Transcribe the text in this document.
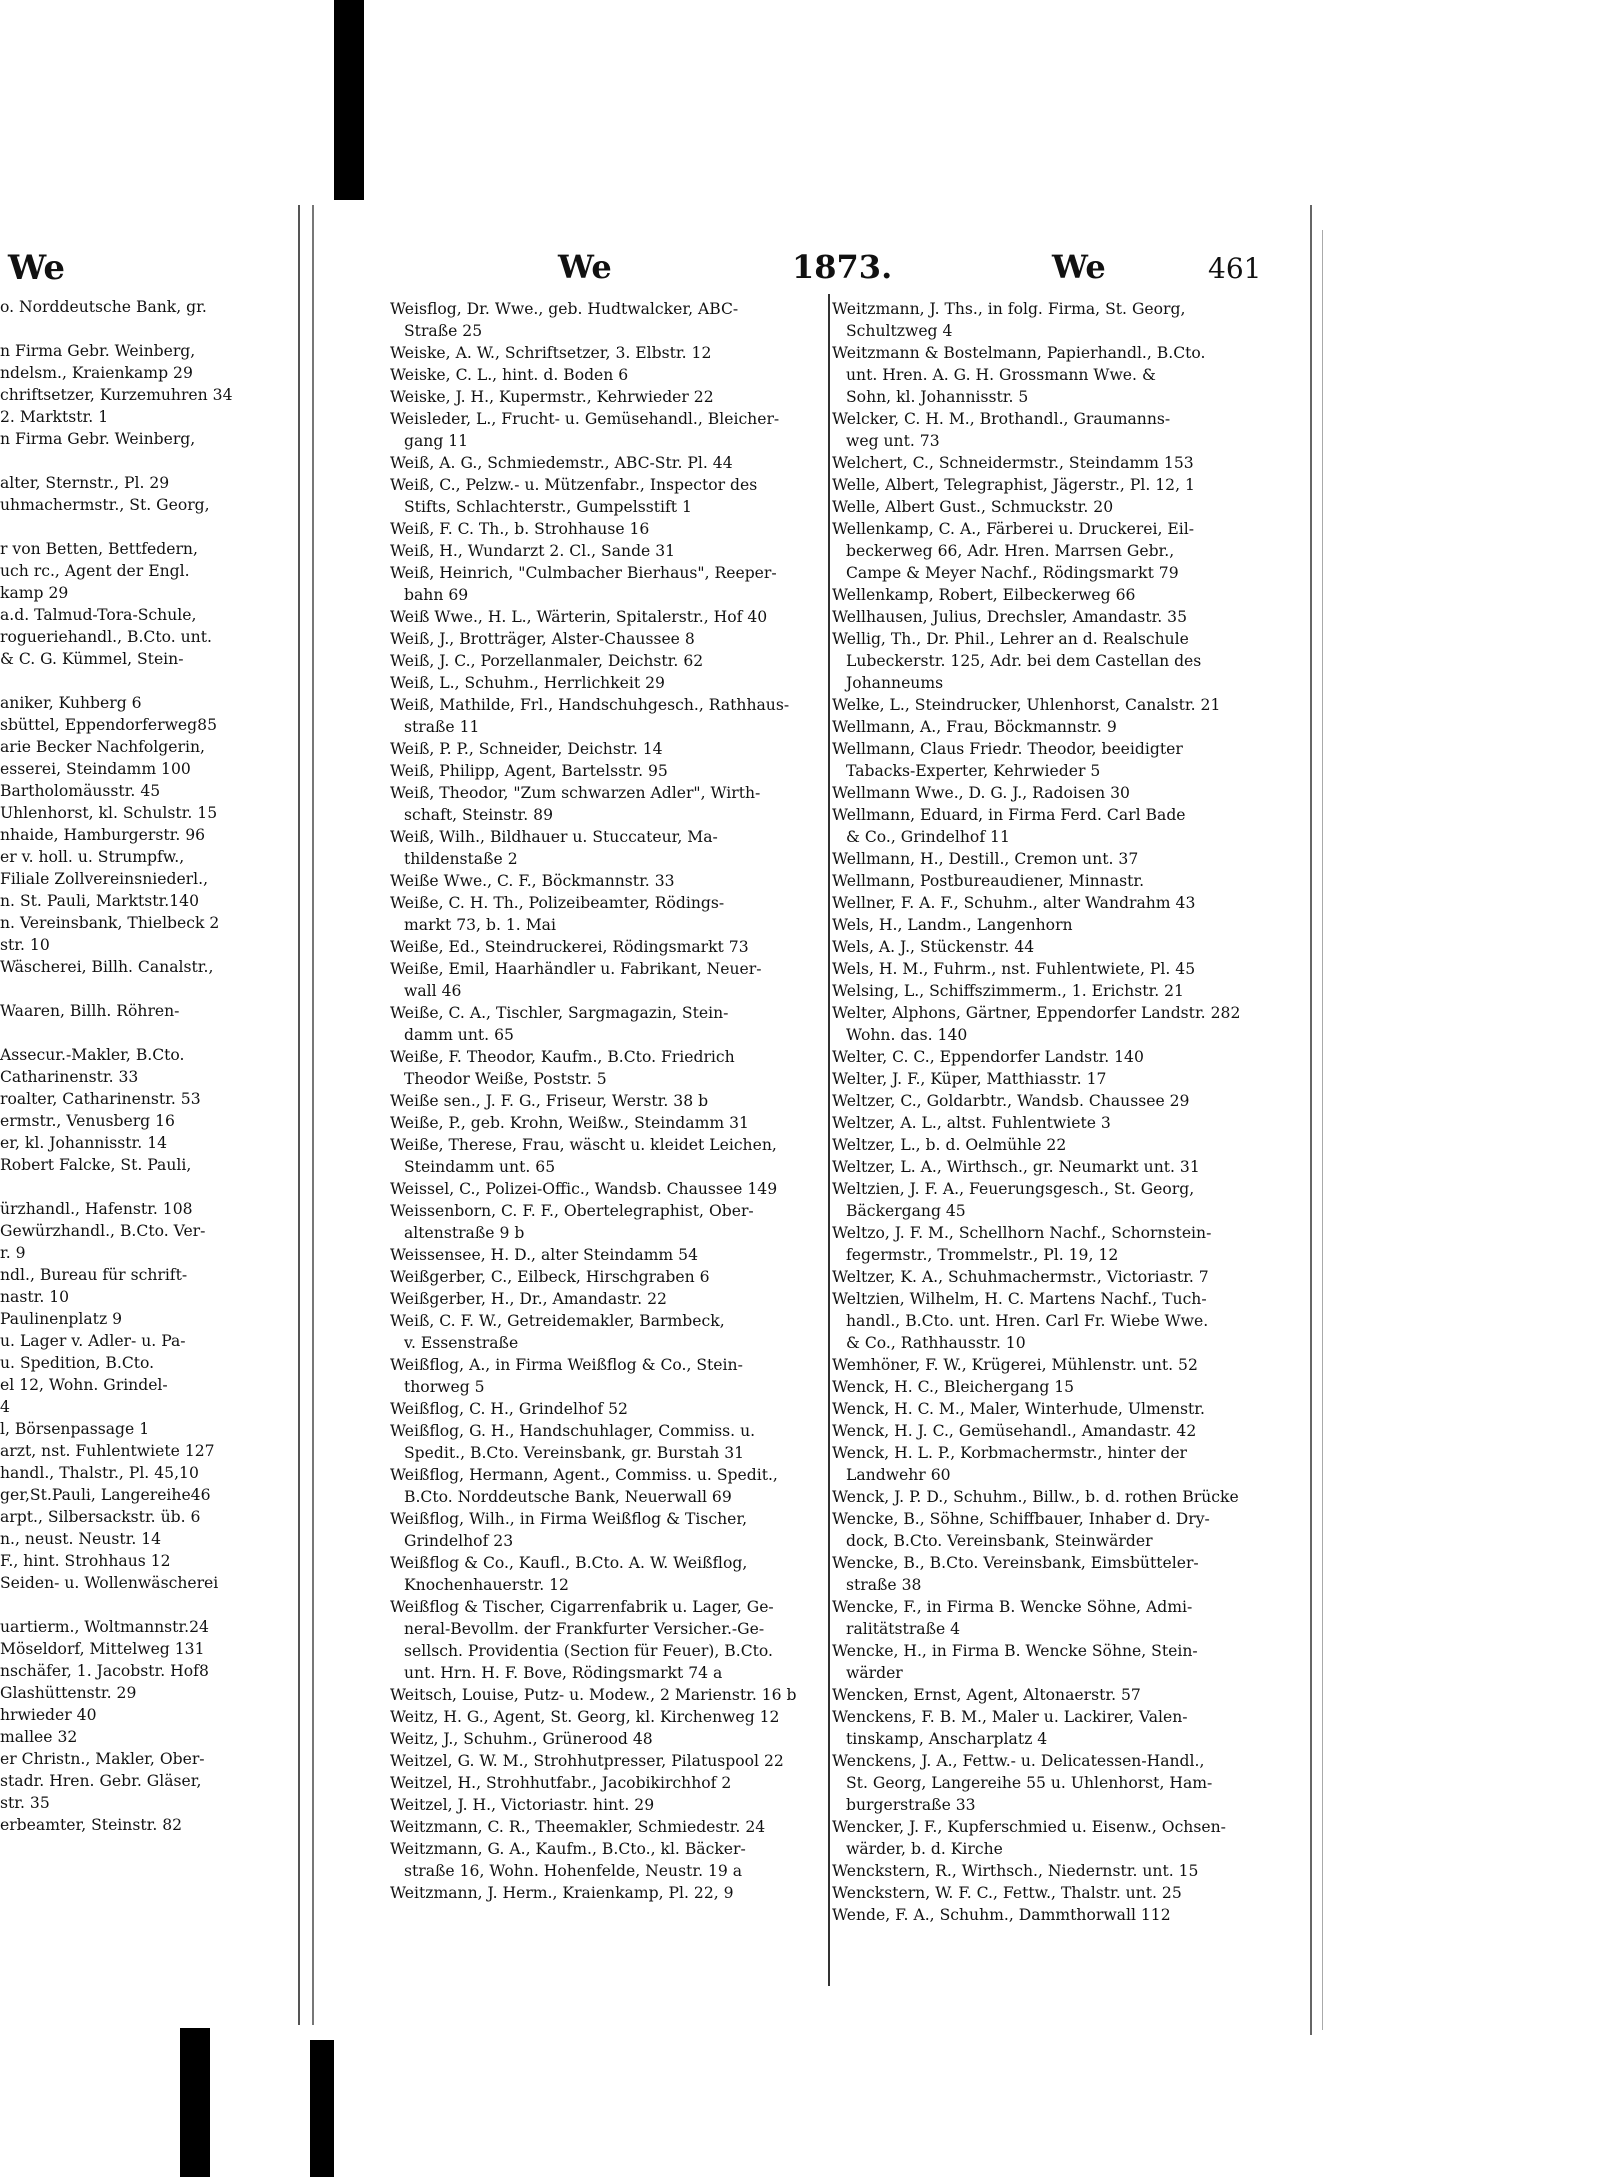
We
o. Norddeutsche Bank, gr.
n Firma Gebr. Weinberg,
ndelsm., Kraienkamp 29
chriftsetzer, Kurzemuhren 34
2. Marktstr. 1
n Firma Gebr. Weinberg,
alter, Sternstr., Pl. 29
uhmachermstr., St. Georg,
r von Betten, Bettfedern,
uch rc., Agent der Engl.
kamp 29
a.d. Talmud-Tora-Schule,
rogueriehandl., B.Cto. unt.
& C. G. Kümmel, Stein-
aniker, Kuhberg 6
sbüttel, Eppendorferweg85
arie Becker Nachfolgerin,
esserei, Steindamm 100
Bartholomäusstr. 45
Uhlenhorst, kl. Schulstr. 15
nhaide, Hamburgerstr. 96
er v. holl. u. Strumpfw.,
Filiale Zollvereinsniederl.,
n. St. Pauli, Marktstr.140
n. Vereinsbank, Thielbeck 2
str. 10
Wäscherei, Billh. Canalstr.,
Waaren, Billh. Röhren-
Assecur.-Makler, B.Cto.
Catharinenstr. 33
roalter, Catharinenstr. 53
ermstr., Venusberg 16
er, kl. Johannisstr. 14
Robert Falcke, St. Pauli,
ürzhandl., Hafenstr. 108
Gewürzhandl., B.Cto. Ver-
r. 9
ndl., Bureau für schrift-
nastr. 10
Paulinenplatz 9
u. Lager v. Adler- u. Pa-
u. Spedition, B.Cto.
el 12, Wohn. Grindel-
4
l, Börsenpassage 1
arzt, nst. Fuhlentwiete 127
handl., Thalstr., Pl. 45,10
ger,St.Pauli, Langereihe46
arpt., Silbersackstr. üb. 6
n., neust. Neustr. 14
F., hint. Strohhaus 12
Seiden- u. Wollenwäscherei
uartierm., Woltmannstr.24
Möseldorf, Mittelweg 131
nschäfer, 1. Jacobstr. Hof8
Glashüttenstr. 29
hrwieder 40
mallee 32
er Christn., Makler, Ober-
stadr. Hren. Gebr. Gläser,
str. 35
erbeamter, Steinstr. 82
We	1873.	We	461
Weisflog, Dr. Wwe., geb. Hudtwalcker, ABC-
Straße 25
Weiske, A. W., Schriftsetzer, 3. Elbstr. 12
Weiske, C. L., hint. d. Boden 6
Weiske, J. H., Kupermstr., Kehrwieder 22
Weisleder, L., Frucht- u. Gemüsehandl., Bleicher-
gang 11
Weiß, A. G., Schmiedemstr., ABC-Str. Pl. 44
Weiß, C., Pelzw.- u. Mützenfabr., Inspector des
Stifts, Schlachterstr., Gumpelsstift 1
Weiß, F. C. Th., b. Strohhause 16
Weiß, H., Wundarzt 2. Cl., Sande 31
Weiß, Heinrich, "Culmbacher Bierhaus", Reeper-
bahn 69
Weiß Wwe., H. L., Wärterin, Spitalerstr., Hof 40
Weiß, J., Brotträger, Alster-Chaussee 8
Weiß, J. C., Porzellanmaler, Deichstr. 62
Weiß, L., Schuhm., Herrlichkeit 29
Weiß, Mathilde, Frl., Handschuhgesch., Rathhaus-
straße 11
Weiß, P. P., Schneider, Deichstr. 14
Weiß, Philipp, Agent, Bartelsstr. 95
Weiß, Theodor, "Zum schwarzen Adler", Wirth-
schaft, Steinstr. 89
Weiß, Wilh., Bildhauer u. Stuccateur, Ma-
thildenstaße 2
Weiße Wwe., C. F., Böckmannstr. 33
Weiße, C. H. Th., Polizeibeamter, Rödings-
markt 73, b. 1. Mai
Weiße, Ed., Steindruckerei, Rödingsmarkt 73
Weiße, Emil, Haarhändler u. Fabrikant, Neuer-
wall 46
Weiße, C. A., Tischler, Sargmagazin, Stein-
damm unt. 65
Weiße, F. Theodor, Kaufm., B.Cto. Friedrich
Theodor Weiße, Poststr. 5
Weiße sen., J. F. G., Friseur, Werstr. 38 b
Weiße, P., geb. Krohn, Weißw., Steindamm 31
Weiße, Therese, Frau, wäscht u. kleidet Leichen,
Steindamm unt. 65
Weissel, C., Polizei-Offic., Wandsb. Chaussee 149
Weissenborn, C. F. F., Obertelegraphist, Ober-
altenstraße 9 b
Weissensee, H. D., alter Steindamm 54
Weißgerber, C., Eilbeck, Hirschgraben 6
Weißgerber, H., Dr., Amandastr. 22
Weiß, C. F. W., Getreidemakler, Barmbeck,
v. Essenstraße
Weißflog, A., in Firma Weißflog & Co., Stein-
thorweg 5
Weißflog, C. H., Grindelhof 52
Weißflog, G. H., Handschuhlager, Commiss. u.
Spedit., B.Cto. Vereinsbank, gr. Burstah 31
Weißflog, Hermann, Agent., Commiss. u. Spedit.,
B.Cto. Norddeutsche Bank, Neuerwall 69
Weißflog, Wilh., in Firma Weißflog & Tischer,
Grindelhof 23
Weißflog & Co., Kaufl., B.Cto. A. W. Weißflog,
Knochenhauerstr. 12
Weißflog & Tischer, Cigarrenfabrik u. Lager, Ge-
neral-Bevollm. der Frankfurter Versicher.-Ge-
sellsch. Providentia (Section für Feuer), B.Cto.
unt. Hrn. H. F. Bove, Rödingsmarkt 74 a
Weitsch, Louise, Putz- u. Modew., 2 Marienstr. 16 b
Weitz, H. G., Agent, St. Georg, kl. Kirchenweg 12
Weitz, J., Schuhm., Grünerood 48
Weitzel, G. W. M., Strohhutpresser, Pilatuspool 22
Weitzel, H., Strohhutfabr., Jacobikirchhof 2
Weitzel, J. H., Victoriastr. hint. 29
Weitzmann, C. R., Theemakler, Schmiedestr. 24
Weitzmann, G. A., Kaufm., B.Cto., kl. Bäcker-
straße 16, Wohn. Hohenfelde, Neustr. 19 a
Weitzmann, J. Herm., Kraienkamp, Pl. 22, 9
Weitzmann, J. Ths., in folg. Firma, St. Georg,
Schultzweg 4
Weitzmann & Bostelmann, Papierhandl., B.Cto.
unt. Hren. A. G. H. Grossmann Wwe. &
Sohn, kl. Johannisstr. 5
Welcker, C. H. M., Brothandl., Graumanns-
weg unt. 73
Welchert, C., Schneidermstr., Steindamm 153
Welle, Albert, Telegraphist, Jägerstr., Pl. 12, 1
Welle, Albert Gust., Schmuckstr. 20
Wellenkamp, C. A., Färberei u. Druckerei, Eil-
beckerweg 66, Adr. Hren. Marrsen Gebr.,
Campe & Meyer Nachf., Rödingsmarkt 79
Wellenkamp, Robert, Eilbeckerweg 66
Wellhausen, Julius, Drechsler, Amandastr. 35
Wellig, Th., Dr. Phil., Lehrer an d. Realschule
Lubeckerstr. 125, Adr. bei dem Castellan des
Johanneums
Welke, L., Steindrucker, Uhlenhorst, Canalstr. 21
Wellmann, A., Frau, Böckmannstr. 9
Wellmann, Claus Friedr. Theodor, beeidigter
Tabacks-Experter, Kehrwieder 5
Wellmann Wwe., D. G. J., Radoisen 30
Wellmann, Eduard, in Firma Ferd. Carl Bade
& Co., Grindelhof 11
Wellmann, H., Destill., Cremon unt. 37
Wellmann, Postbureaudiener, Minnastr.
Wellner, F. A. F., Schuhm., alter Wandrahm 43
Wels, H., Landm., Langenhorn
Wels, A. J., Stückenstr. 44
Wels, H. M., Fuhrm., nst. Fuhlentwiete, Pl. 45
Welsing, L., Schiffszimmerm., 1. Erichstr. 21
Welter, Alphons, Gärtner, Eppendorfer Landstr. 282
Wohn. das. 140
Welter, C. C., Eppendorfer Landstr. 140
Welter, J. F., Küper, Matthiasstr. 17
Weltzer, C., Goldarbtr., Wandsb. Chaussee 29
Weltzer, A. L., altst. Fuhlentwiete 3
Weltzer, L., b. d. Oelmühle 22
Weltzer, L. A., Wirthsch., gr. Neumarkt unt. 31
Weltzien, J. F. A., Feuerungsgesch., St. Georg,
Bäckergang 45
Weltzo, J. F. M., Schellhorn Nachf., Schornstein-
fegermstr., Trommelstr., Pl. 19, 12
Weltzer, K. A., Schuhmachermstr., Victoriastr. 7
Weltzien, Wilhelm, H. C. Martens Nachf., Tuch-
handl., B.Cto. unt. Hren. Carl Fr. Wiebe Wwe.
& Co., Rathhausstr. 10
Wemhöner, F. W., Krügerei, Mühlenstr. unt. 52
Wenck, H. C., Bleichergang 15
Wenck, H. C. M., Maler, Winterhude, Ulmenstr.
Wenck, H. J. C., Gemüsehandl., Amandastr. 42
Wenck, H. L. P., Korbmachermstr., hinter der
Landwehr 60
Wenck, J. P. D., Schuhm., Billw., b. d. rothen Brücke
Wencke, B., Söhne, Schiffbauer, Inhaber d. Dry-
dock, B.Cto. Vereinsbank, Steinwärder
Wencke, B., B.Cto. Vereinsbank, Eimsbütteler-
straße 38
Wencke, F., in Firma B. Wencke Söhne, Admi-
ralitätstraße 4
Wencke, H., in Firma B. Wencke Söhne, Stein-
wärder
Wencken, Ernst, Agent, Altonaerstr. 57
Wenckens, F. B. M., Maler u. Lackirer, Valen-
tinskamp, Anscharplatz 4
Wenckens, J. A., Fettw.- u. Delicatessen-Handl.,
St. Georg, Langereihe 55 u. Uhlenhorst, Ham-
burgerstraße 33
Wencker, J. F., Kupferschmied u. Eisenw., Ochsen-
wärder, b. d. Kirche
Wenckstern, R., Wirthsch., Niedernstr. unt. 15
Wenckstern, W. F. C., Fettw., Thalstr. unt. 25
Wende, F. A., Schuhm., Dammthorwall 112
